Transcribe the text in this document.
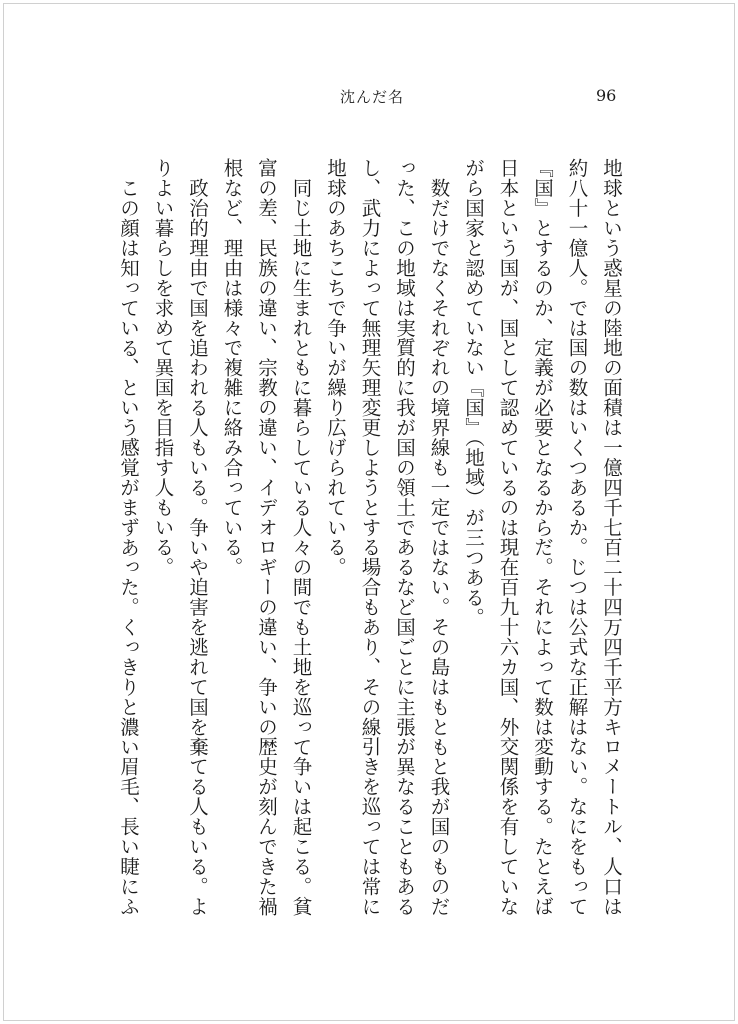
沈んだ名	96

地球という惑星の陸地の面積は一億四千七百二十四万四千平方キロメートル、人口は約八十一億人。では国の数はいくつあるか。じつは公式な正解はない。なにをもって『国』とするのか、定義が必要となるからだ。それによって数は変動する。たとえば日本という国が、国として認めているのは現在百九十六カ国、外交関係を有していながら国家と認めていない『国』（地域）が三つある。

数だけでなくそれぞれの境界線も一定ではない。その島はもともと我が国のものだった、この地域は実質的に我が国の領土であるなど国ごとに主張が異なることもあるし、武力によって無理矢理変更しようとする場合もあり、その線引きを巡っては常に地球のあちこちで争いが繰り広げられている。

同じ土地に生まれともに暮らしている人々の間でも土地を巡って争いは起こる。貧富の差、民族の違い、宗教の違い、イデオロギーの違い、争いの歴史が刻んできた禍根など、理由は様々で複雑に絡み合っている。

政治的理由で国を追われる人もいる。争いや迫害を逃れて国を棄てる人もいる。よりよい暮らしを求めて異国を目指す人もいる。

この顔は知っている、という感覚がまずあった。くっきりと濃い眉毛、長い睫にふ
